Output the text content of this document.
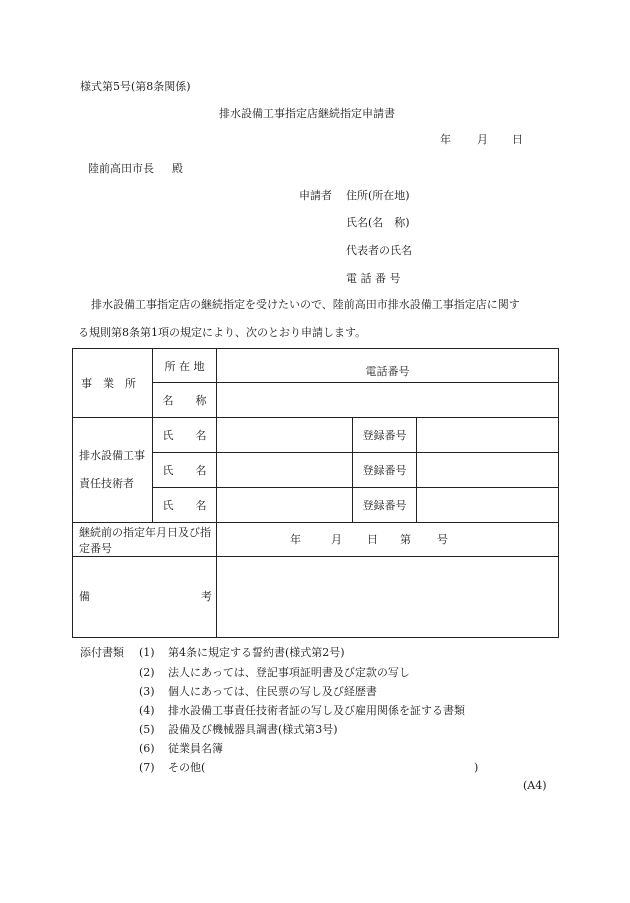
様式第5号(第8条関係)
排水設備工事指定店継続指定申請書
年 月 日
陸前高田市長 殿
申請者 住所(所在地)
氏名(名　称)
代表者の氏名
電 話 番 号
排水設備工事指定店の継続指定を受けたいので、陸前高田市排水設備工事指定店に関す
る規則第8条第1項の規定により、次のとおり申請します。
事　業　所	所 在 地	電話番号		
	名　　称			

排水設備工事
責任技術者	氏　　名		登録番号	
	氏　　名		登録番号	
	氏　　名		登録番号	
継続前の指定年月日及び指定番号		年 月 日 第 号		

備 考				

添付書類 (1) 第4条に規定する誓約書(様式第2号)
(2) 法人にあっては、登記事項証明書及び定款の写し
(3) 個人にあっては、住民票の写し及び経歴書
(4) 排水設備工事責任技術者証の写し及び雇用関係を証する書類
(5) 設備及び機械器具調書(様式第3号)
(6) 従業員名簿
(7) その他(	)
(A4)
